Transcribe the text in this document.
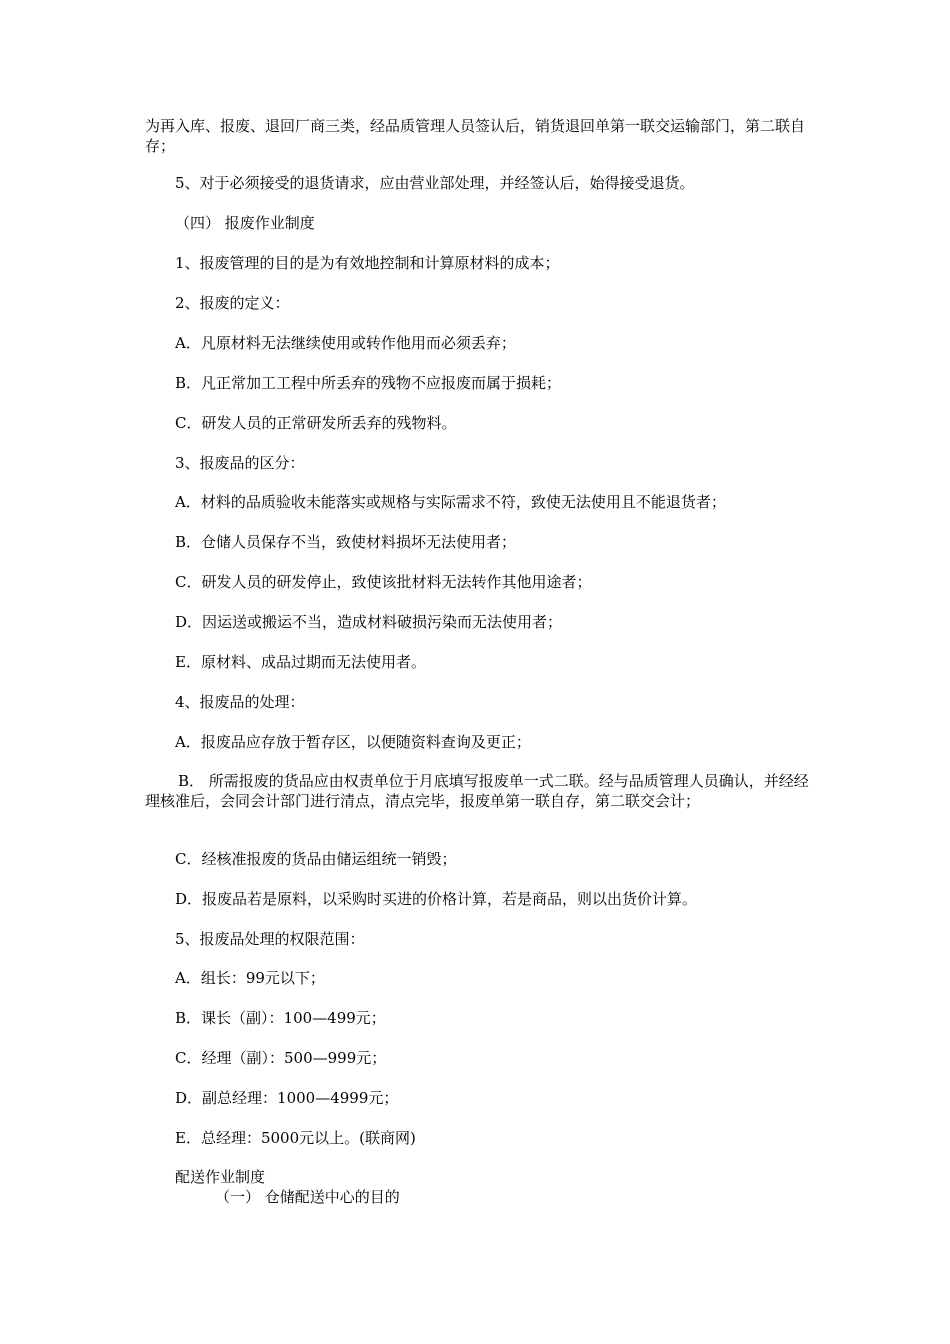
为再入库、报废、退回厂商三类，经品质管理人员签认后，销货退回单第一联交运输部门，第二联自存；
5、对于必须接受的退货请求，应由营业部处理，并经签认后，始得接受退货。
（四） 报废作业制度
1、报废管理的目的是为有效地控制和计算原材料的成本；
2、报废的定义：
A．凡原材料无法继续使用或转作他用而必须丢弃；
B．凡正常加工工程中所丢弃的残物不应报废而属于损耗；
C．研发人员的正常研发所丢弃的残物料。
3、报废品的区分：
A．材料的品质验收未能落实或规格与实际需求不符，致使无法使用且不能退货者；
B．仓储人员保存不当，致使材料损坏无法使用者；
C．研发人员的研发停止，致使该批材料无法转作其他用途者；
D．因运送或搬运不当，造成材料破损污染而无法使用者；
E．原材料、成品过期而无法使用者。
4、报废品的处理：
A．报废品应存放于暂存区，以便随资料查询及更正；
B． 所需报废的货品应由权责单位于月底填写报废单一式二联。经与品质管理人员确认，并经经理核准后，会同会计部门进行清点，清点完毕，报废单第一联自存，第二联交会计；
C．经核准报废的货品由储运组统一销毁；
D．报废品若是原料，以采购时买进的价格计算，若是商品，则以出货价计算。
5、报废品处理的权限范围：
A．组长：99元以下；
B．课长（副）：100—499元；
C．经理（副）：500—999元；
D．副总经理：1000—4999元；
E．总经理：5000元以上。(联商网)
配送作业制度
（一） 仓储配送中心的目的
